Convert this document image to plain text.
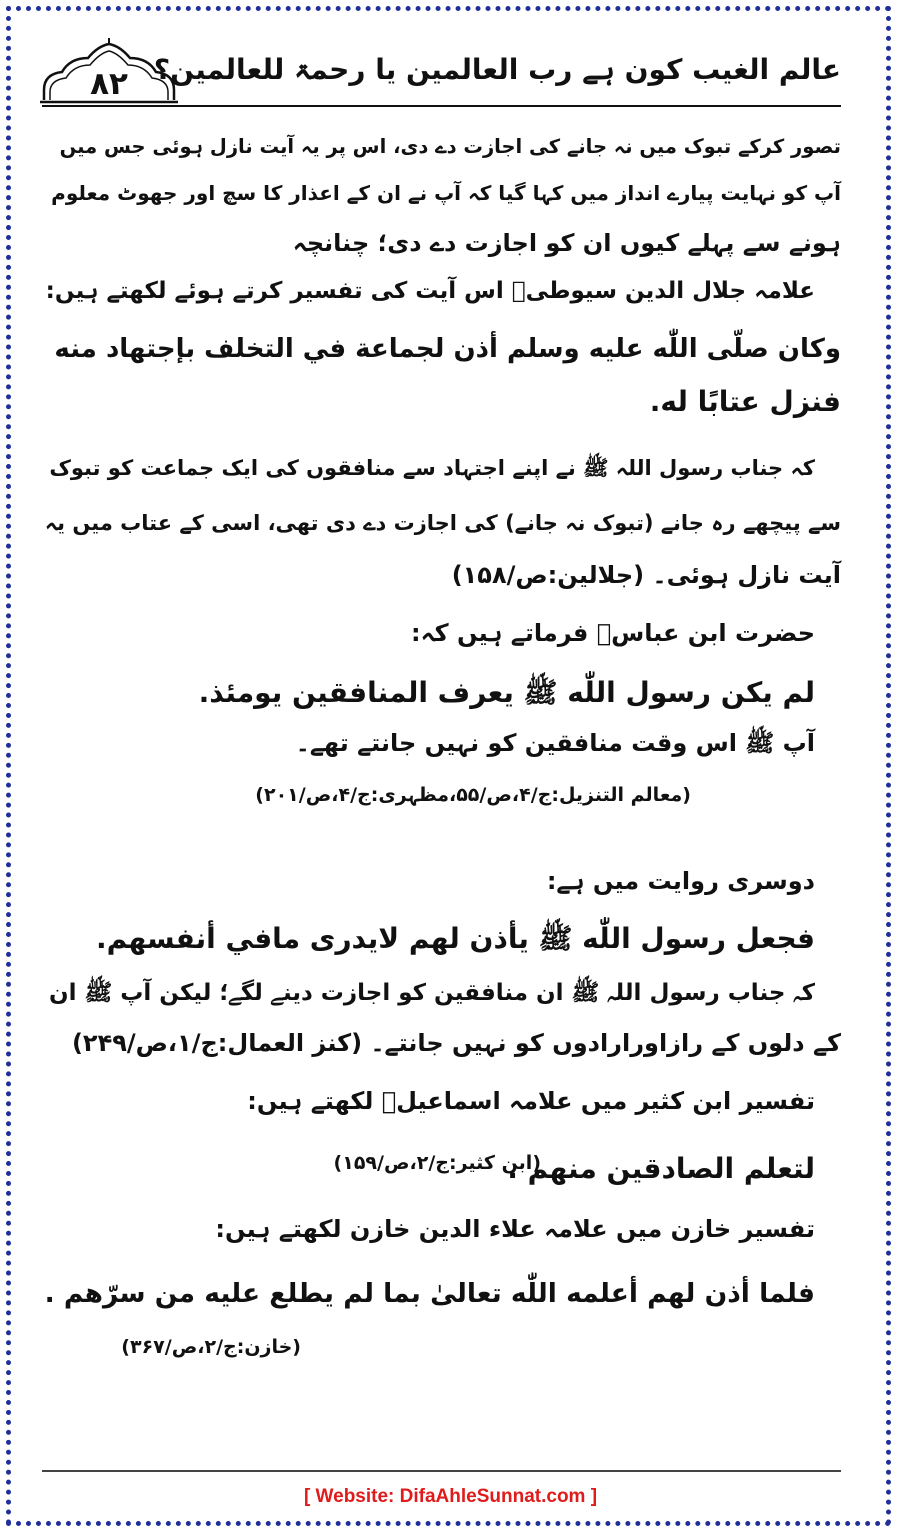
۸۲ عالم الغیب کون ہے رب العالمین یا رحمۃ للعالمین؟
تصور کرکے تبوک میں نہ جانے کی اجازت دے دی، اس پر یہ آیت نازل ہوئی جس میں
آپ کو نہایت پیارے انداز میں کہا گیا کہ آپ نے ان کے اعذار کا سچ اور جھوٹ معلوم
ہونے سے پہلے کیوں ان کو اجازت دے دی؛ چنانچہ
علامہ جلال الدین سیوطیؒ اس آیت کی تفسیر کرتے ہوئے لکھتے ہیں:
وکان صلّی اللّٰه علیه وسلم أذن لجماعة في التخلف بإجتهاد منه
فنزل عتابًا له.
کہ جناب رسول اللہ ﷺ نے اپنے اجتہاد سے منافقوں کی ایک جماعت کو تبوک
سے پیچھے رہ جانے (تبوک نہ جانے) کی اجازت دے دی تھی، اسی کے عتاب میں یہ
آیت نازل ہوئی۔ (جلالین:ص/۱۵۸)
حضرت ابن عباسؓ فرماتے ہیں کہ:
لم یکن رسول اللّٰه ﷺ یعرف المنافقین یومئذ.
آپ ﷺ اس وقت منافقین کو نہیں جانتے تھے۔
(معالم التنزیل:ج/۴،ص/۵۵،مظہری:ج/۴،ص/۲۰۱)
دوسری روایت میں ہے:
فجعل رسول اللّٰه ﷺ یأذن لهم لایدری مافي أنفسهم.
کہ جناب رسول اللہ ﷺ ان منافقین کو اجازت دینے لگے؛ لیکن آپ ﷺ ان
کے دلوں کے رازاورارادوں کو نہیں جانتے۔ (کنز العمال:ج/۱،ص/۲۴۹)
تفسیر ابن کثیر میں علامہ اسماعیلؒ لکھتے ہیں:
لتعلم الصادقین منهم .
(ابن کثیر:ج/۲،ص/۱۵۹)
تفسیر خازن میں علامہ علاء الدین خازن لکھتے ہیں:
فلما أذن لهم أعلمه اللّٰه تعالیٰ بما لم یطلع علیه من سرّهم .
(خازن:ج/۲،ص/۳۶۷)
[ Website: DifaAhleSunnat.com ]
